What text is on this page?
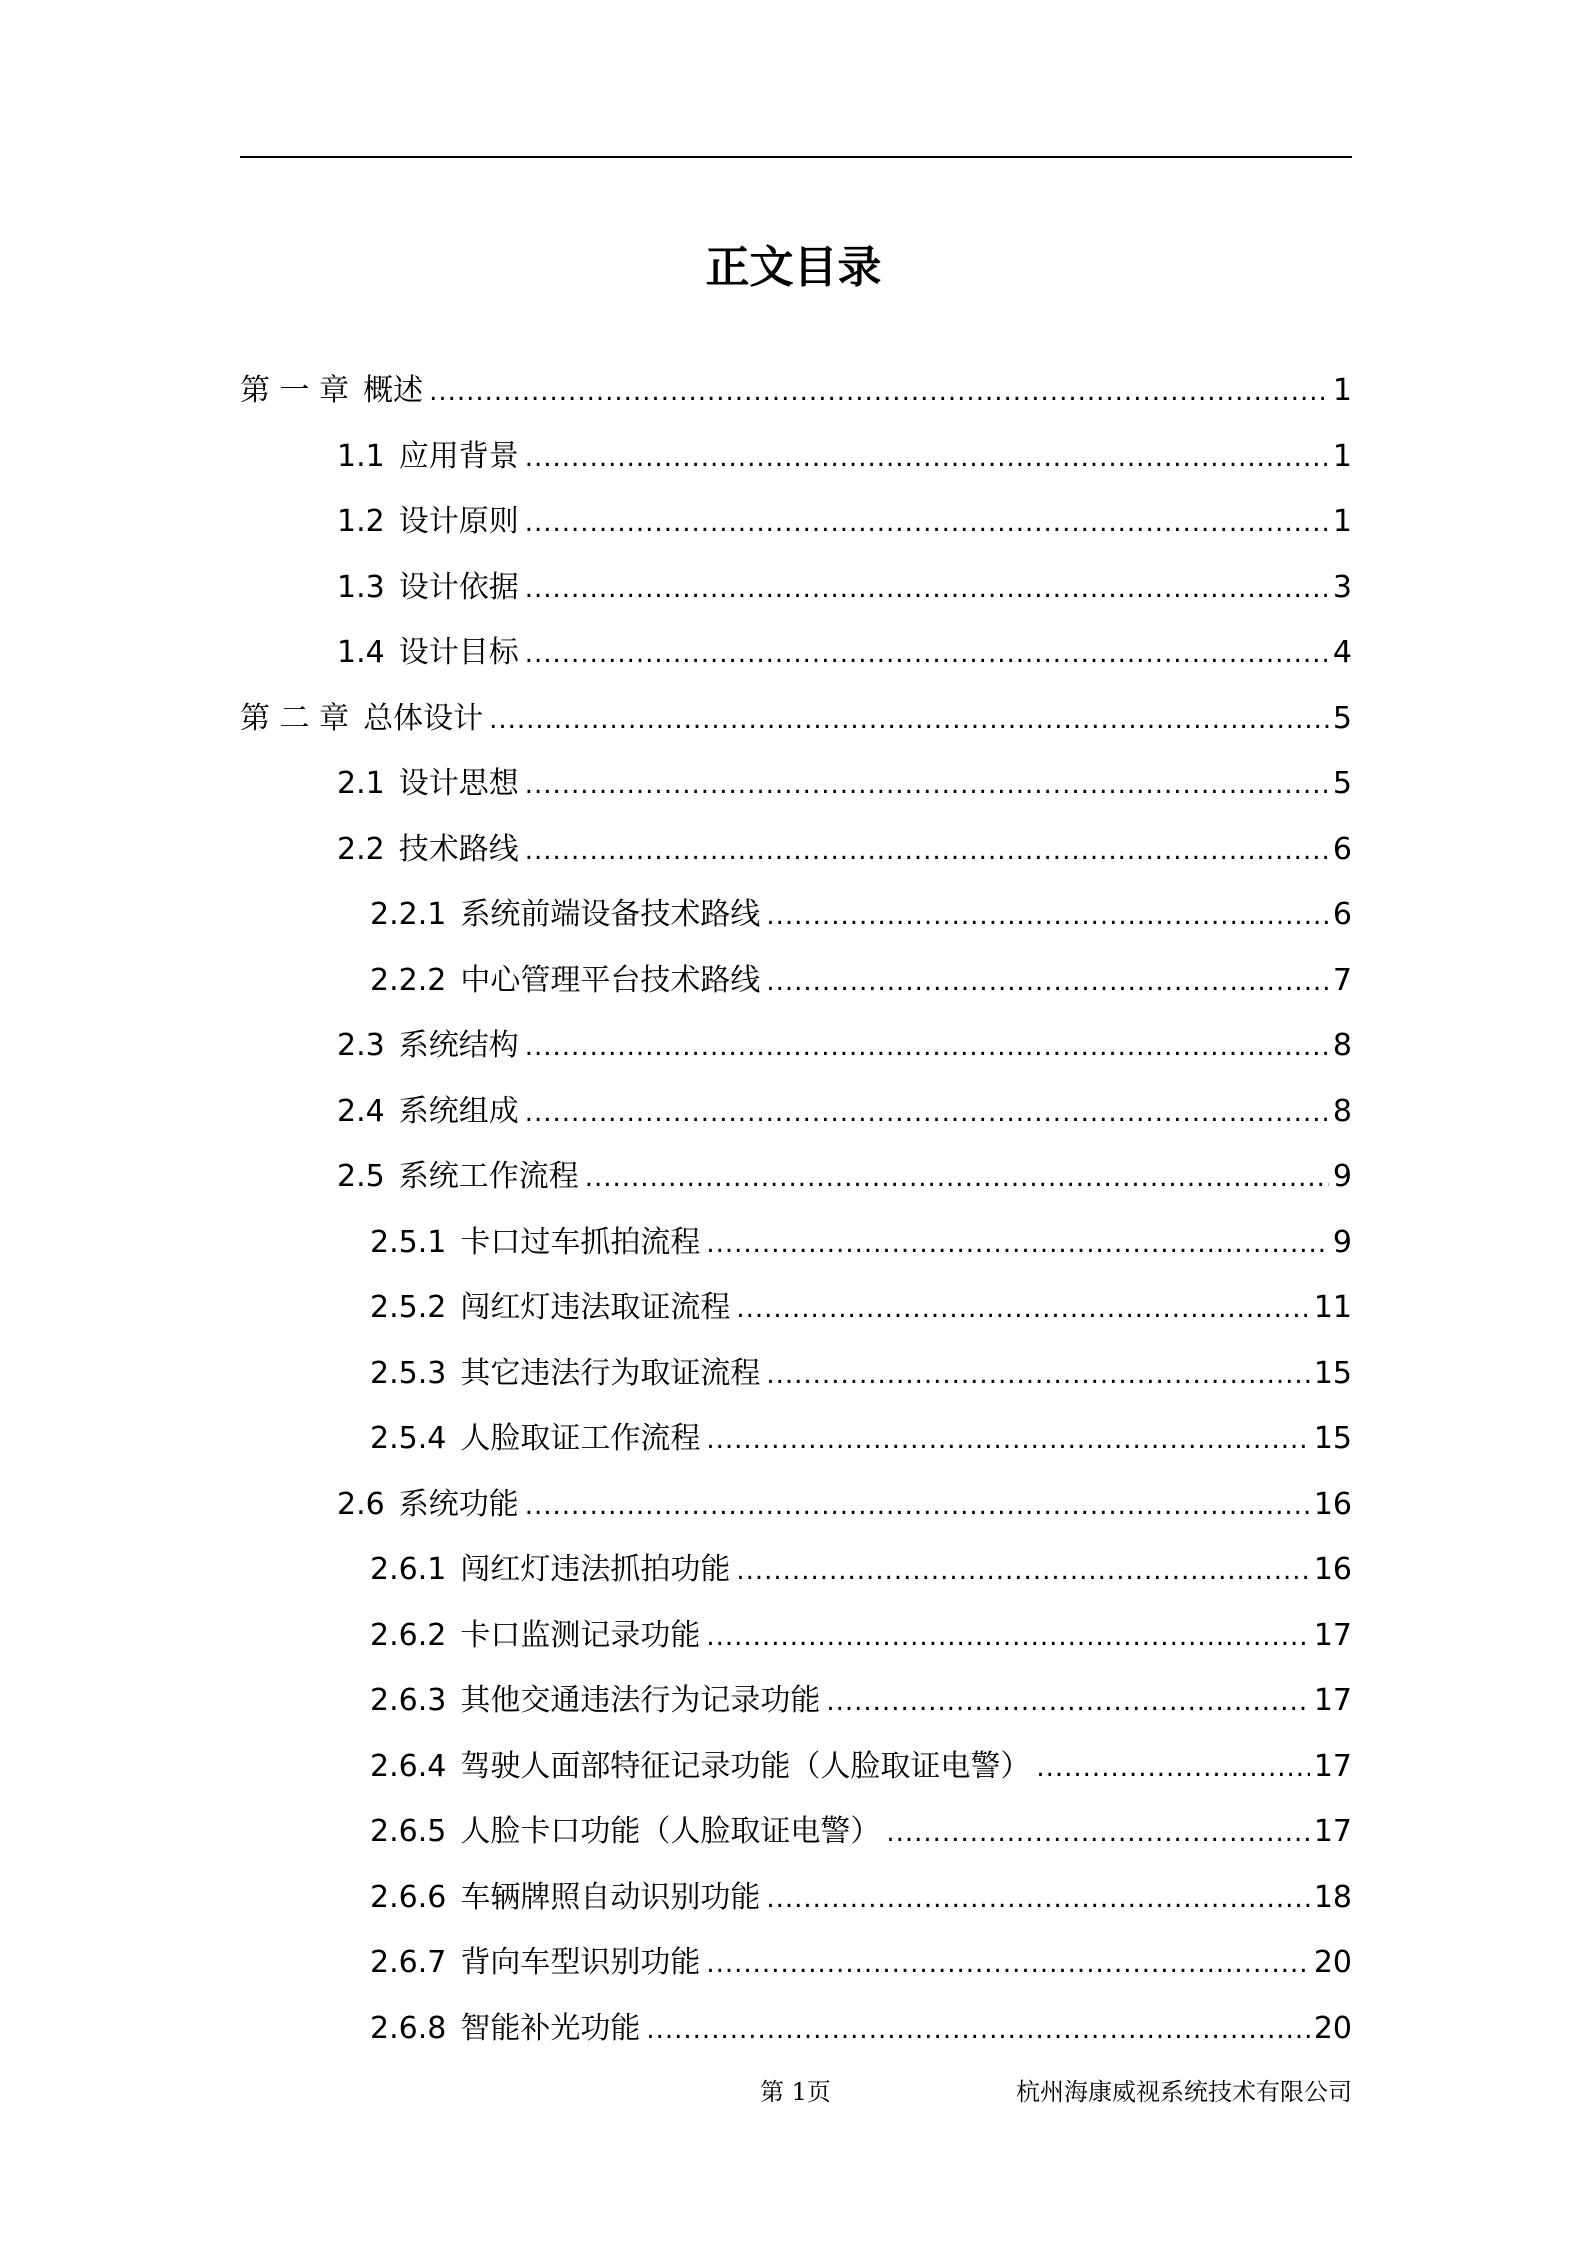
正文目录
第 一 章 概述 .....	1
1.1 应用背景 .....	1
1.2 设计原则 .....	1
1.3 设计依据 .....	3
1.4 设计目标 .....	4
第 二 章 总体设计 .....	5
2.1 设计思想 .....	5
2.2 技术路线 .....	6
2.2.1 系统前端设备技术路线 .....	6
2.2.2 中心管理平台技术路线 .....	7
2.3 系统结构 .....	8
2.4 系统组成 .....	8
2.5 系统工作流程 .....	9
2.5.1 卡口过车抓拍流程 .....	9
2.5.2 闯红灯违法取证流程 .....	11
2.5.3 其它违法行为取证流程 .....	15
2.5.4 人脸取证工作流程 .....	15
2.6 系统功能 .....	16
2.6.1 闯红灯违法抓拍功能 .....	16
2.6.2 卡口监测记录功能 .....	17
2.6.3 其他交通违法行为记录功能 .....	17
2.6.4 驾驶人面部特征记录功能（人脸取证电警） .....	17
2.6.5 人脸卡口功能（人脸取证电警） .....	17
2.6.6 车辆牌照自动识别功能 .....	18
2.6.7 背向车型识别功能 .....	20
2.6.8 智能补光功能 .....	20
第 1页	杭州海康威视系统技术有限公司
